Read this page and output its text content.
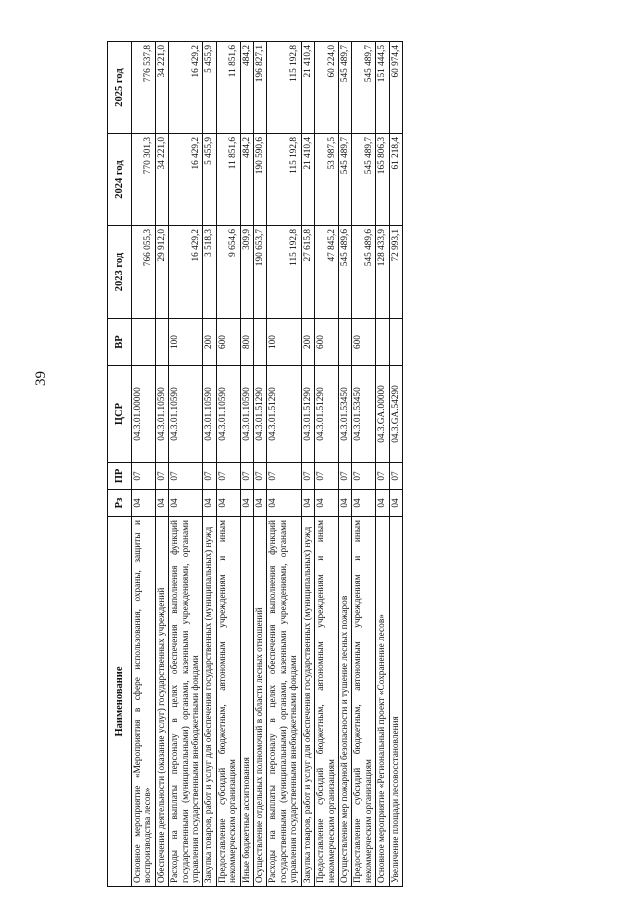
39
Наименование	Рз	ПР	ЦСР	ВР	2023 год	2024 год	2025 год
Основное мероприятие «Мероприятия в сфере использования, охраны, защиты и воспроизводства лесов»	04	07	04.3.01.00000		766 055,3	770 301,3	776 537,8
Обеспечение деятельности (оказание услуг) государственных учреждений	04	07	04.3.01.10590		29 912,0	34 221,0	34 221,0
Расходы на выплаты персоналу в целях обеспечения выполнения функций государственными (муниципальными) органами, казенными учреждениями, органами управления государственными внебюджетными фондами	04	07	04.3.01.10590	100	16 429,2	16 429,2	16 429,2
Закупка товаров, работ и услуг для обеспечения государственных (муниципальных) нужд	04	07	04.3.01.10590	200	3 518,3	5 455,9	5 455,9
Предоставление субсидий бюджетным, автономным учреждениям и иным некоммерческим организациям	04	07	04.3.01.10590	600	9 654,6	11 851,6	11 851,6
Иные бюджетные ассигнования	04	07	04.3.01.10590	800	309,9	484,2	484,2
Осуществление отдельных полномочий в области лесных отношений	04	07	04.3.01.51290		190 653,7	190 590,6	196 827,1
Расходы на выплаты персоналу в целях обеспечения выполнения функций государственными (муниципальными) органами, казенными учреждениями, органами управления государственными внебюджетными фондами	04	07	04.3.01.51290	100	115 192,8	115 192,8	115 192,8
Закупка товаров, работ и услуг для обеспечения государственных (муниципальных) нужд	04	07	04.3.01.51290	200	27 615,8	21 410,4	21 410,4
Предоставление субсидий бюджетным, автономным учреждениям и иным некоммерческим организациям	04	07	04.3.01.51290	600	47 845,2	53 987,5	60 224,0
Осуществление мер пожарной безопасности и тушение лесных пожаров	04	07	04.3.01.53450		545 489,6	545 489,7	545 489,7
Предоставление субсидий бюджетным, автономным учреждениям и иным некоммерческим организациям	04	07	04.3.01.53450	600	545 489,6	545 489,7	545 489,7
Основное мероприятие «Региональный проект «Сохранение лесов»	04	07	04.3.GA.00000		128 433,9	165 806,3	151 444,5
Увеличение площади лесовосстановления	04	07	04.3.GA.54290		72 993,1	61 218,4	60 974,4
